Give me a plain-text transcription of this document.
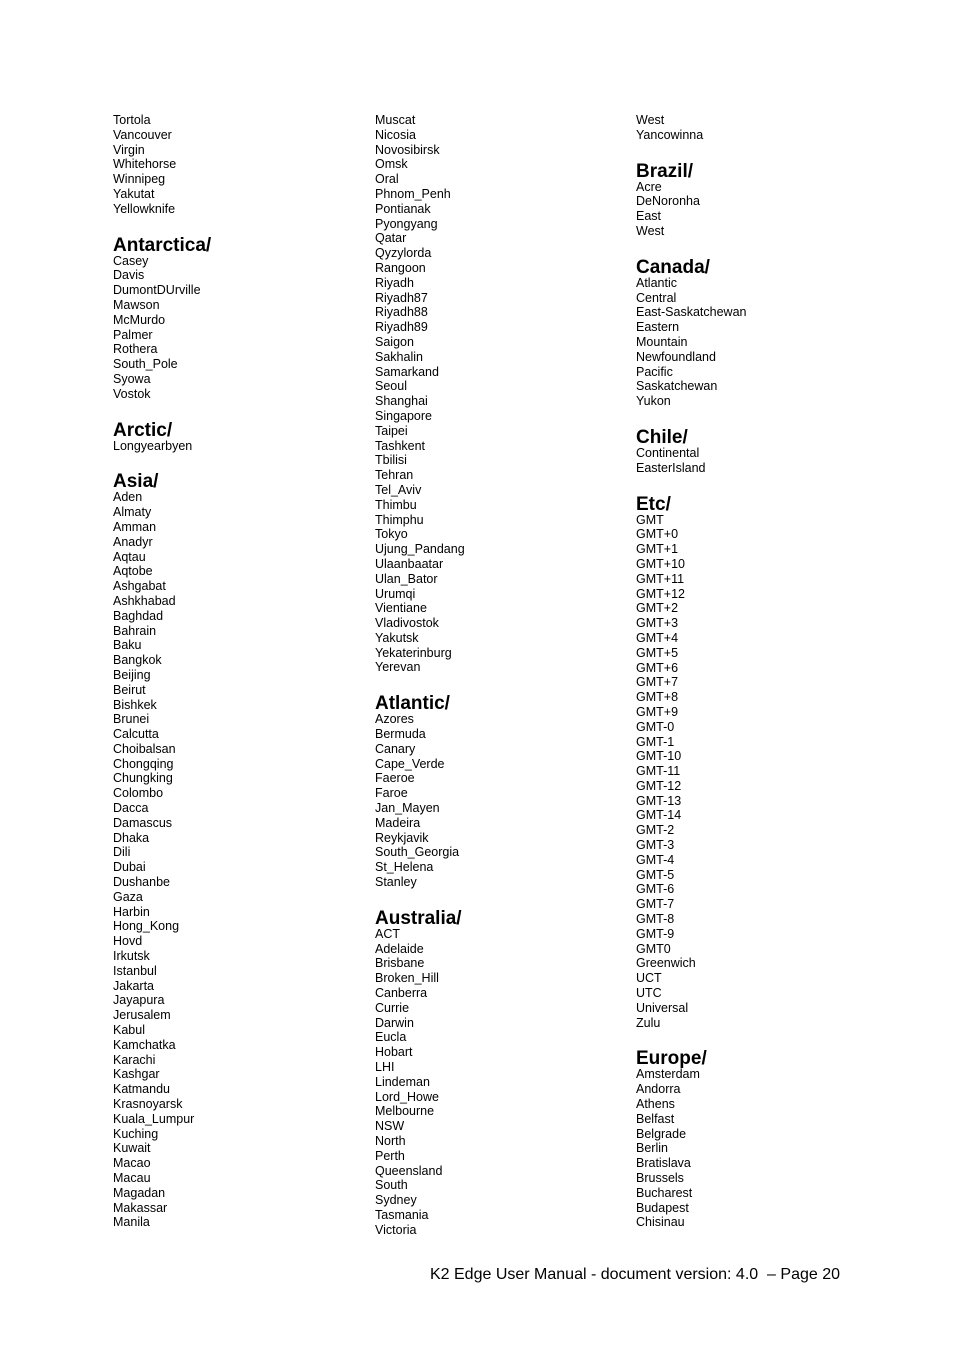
Tortola
Vancouver
Virgin
Whitehorse
Winnipeg
Yakutat
Yellowknife
Antarctica/
Casey
Davis
DumontDUrville
Mawson
McMurdo
Palmer
Rothera
South_Pole
Syowa
Vostok
Arctic/
Longyearbyen
Asia/
Aden
Almaty
Amman
Anadyr
Aqtau
Aqtobe
Ashgabat
Ashkhabad
Baghdad
Bahrain
Baku
Bangkok
Beijing
Beirut
Bishkek
Brunei
Calcutta
Choibalsan
Chongqing
Chungking
Colombo
Dacca
Damascus
Dhaka
Dili
Dubai
Dushanbe
Gaza
Harbin
Hong_Kong
Hovd
Irkutsk
Istanbul
Jakarta
Jayapura
Jerusalem
Kabul
Kamchatka
Karachi
Kashgar
Katmandu
Krasnoyarsk
Kuala_Lumpur
Kuching
Kuwait
Macao
Macau
Magadan
Makassar
Manila
Muscat
Nicosia
Novosibirsk
Omsk
Oral
Phnom_Penh
Pontianak
Pyongyang
Qatar
Qyzylorda
Rangoon
Riyadh
Riyadh87
Riyadh88
Riyadh89
Saigon
Sakhalin
Samarkand
Seoul
Shanghai
Singapore
Taipei
Tashkent
Tbilisi
Tehran
Tel_Aviv
Thimbu
Thimphu
Tokyo
Ujung_Pandang
Ulaanbaatar
Ulan_Bator
Urumqi
Vientiane
Vladivostok
Yakutsk
Yekaterinburg
Yerevan
Atlantic/
Azores
Bermuda
Canary
Cape_Verde
Faeroe
Faroe
Jan_Mayen
Madeira
Reykjavik
South_Georgia
St_Helena
Stanley
Australia/
ACT
Adelaide
Brisbane
Broken_Hill
Canberra
Currie
Darwin
Eucla
Hobart
LHI
Lindeman
Lord_Howe
Melbourne
NSW
North
Perth
Queensland
South
Sydney
Tasmania
Victoria
West
Yancowinna
Brazil/
Acre
DeNoronha
East
West
Canada/
Atlantic
Central
East-Saskatchewan
Eastern
Mountain
Newfoundland
Pacific
Saskatchewan
Yukon
Chile/
Continental
EasterIsland
Etc/
GMT
GMT+0
GMT+1
GMT+10
GMT+11
GMT+12
GMT+2
GMT+3
GMT+4
GMT+5
GMT+6
GMT+7
GMT+8
GMT+9
GMT-0
GMT-1
GMT-10
GMT-11
GMT-12
GMT-13
GMT-14
GMT-2
GMT-3
GMT-4
GMT-5
GMT-6
GMT-7
GMT-8
GMT-9
GMT0
Greenwich
UCT
UTC
Universal
Zulu
Europe/
Amsterdam
Andorra
Athens
Belfast
Belgrade
Berlin
Bratislava
Brussels
Bucharest
Budapest
Chisinau
K2 Edge User Manual - document version: 4.0  – Page 20
